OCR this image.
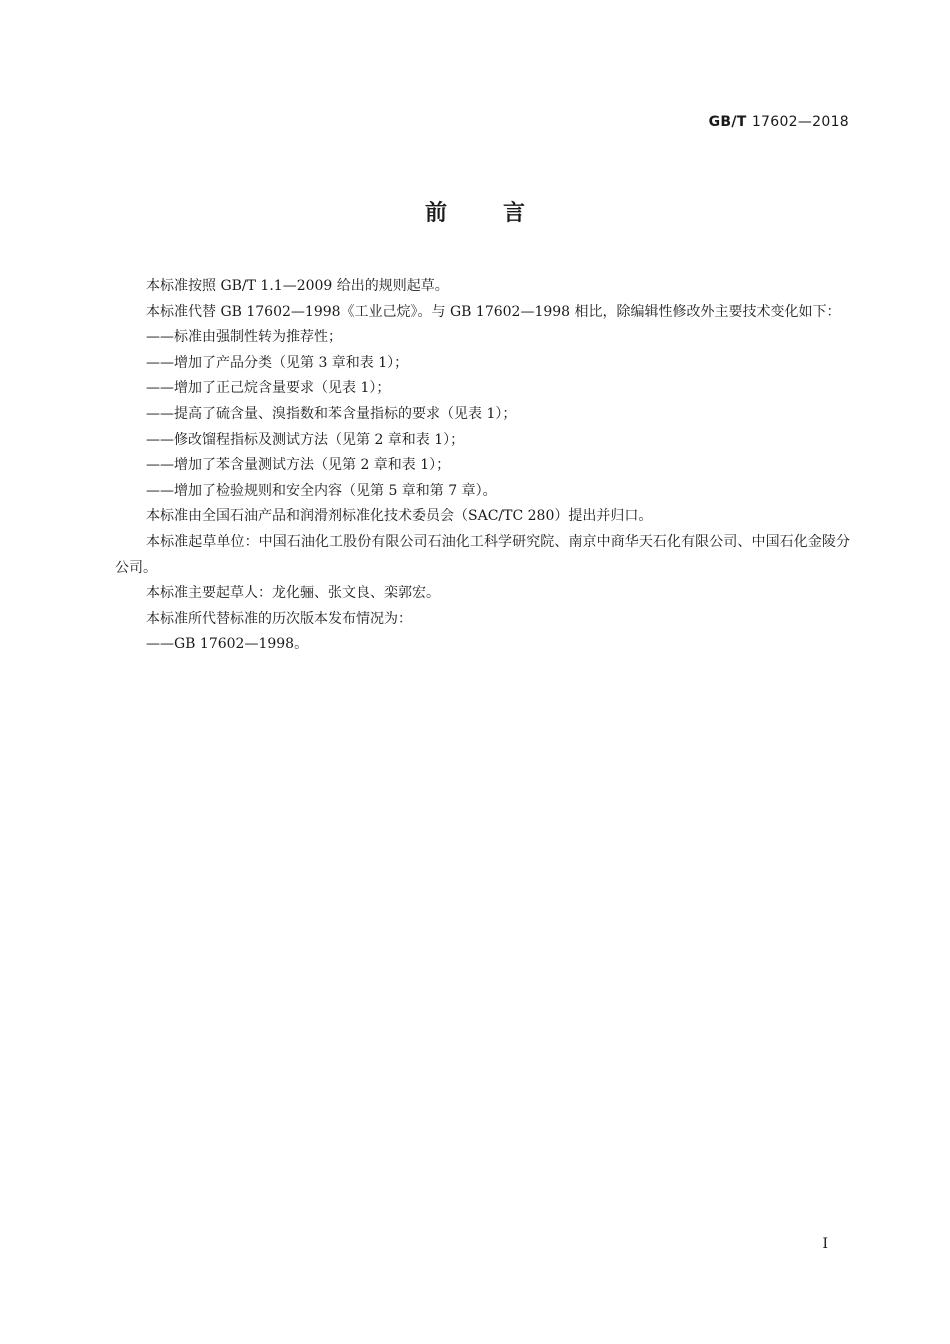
GB/T 17602—2018
前言

本标准按照 GB/T 1.1—2009 给出的规则起草。

本标准代替 GB 17602—1998《工业己烷》。与 GB 17602—1998 相比，除编辑性修改外主要技术变化如下：

——标准由强制性转为推荐性；

——增加了产品分类（见第 3 章和表 1）；

——增加了正己烷含量要求（见表 1）；

——提高了硫含量、溴指数和苯含量指标的要求（见表 1）；

——修改馏程指标及测试方法（见第 2 章和表 1）；

——增加了苯含量测试方法（见第 2 章和表 1）；

——增加了检验规则和安全内容（见第 5 章和第 7 章）。

本标准由全国石油产品和润滑剂标准化技术委员会（SAC/TC 280）提出并归口。

本标准起草单位：中国石油化工股份有限公司石油化工科学研究院、南京中商华天石化有限公司、中国石化金陵分公司。

本标准主要起草人：龙化骊、张文良、栾郭宏。

本标准所代替标准的历次版本发布情况为：

——GB 17602—1998。

I
